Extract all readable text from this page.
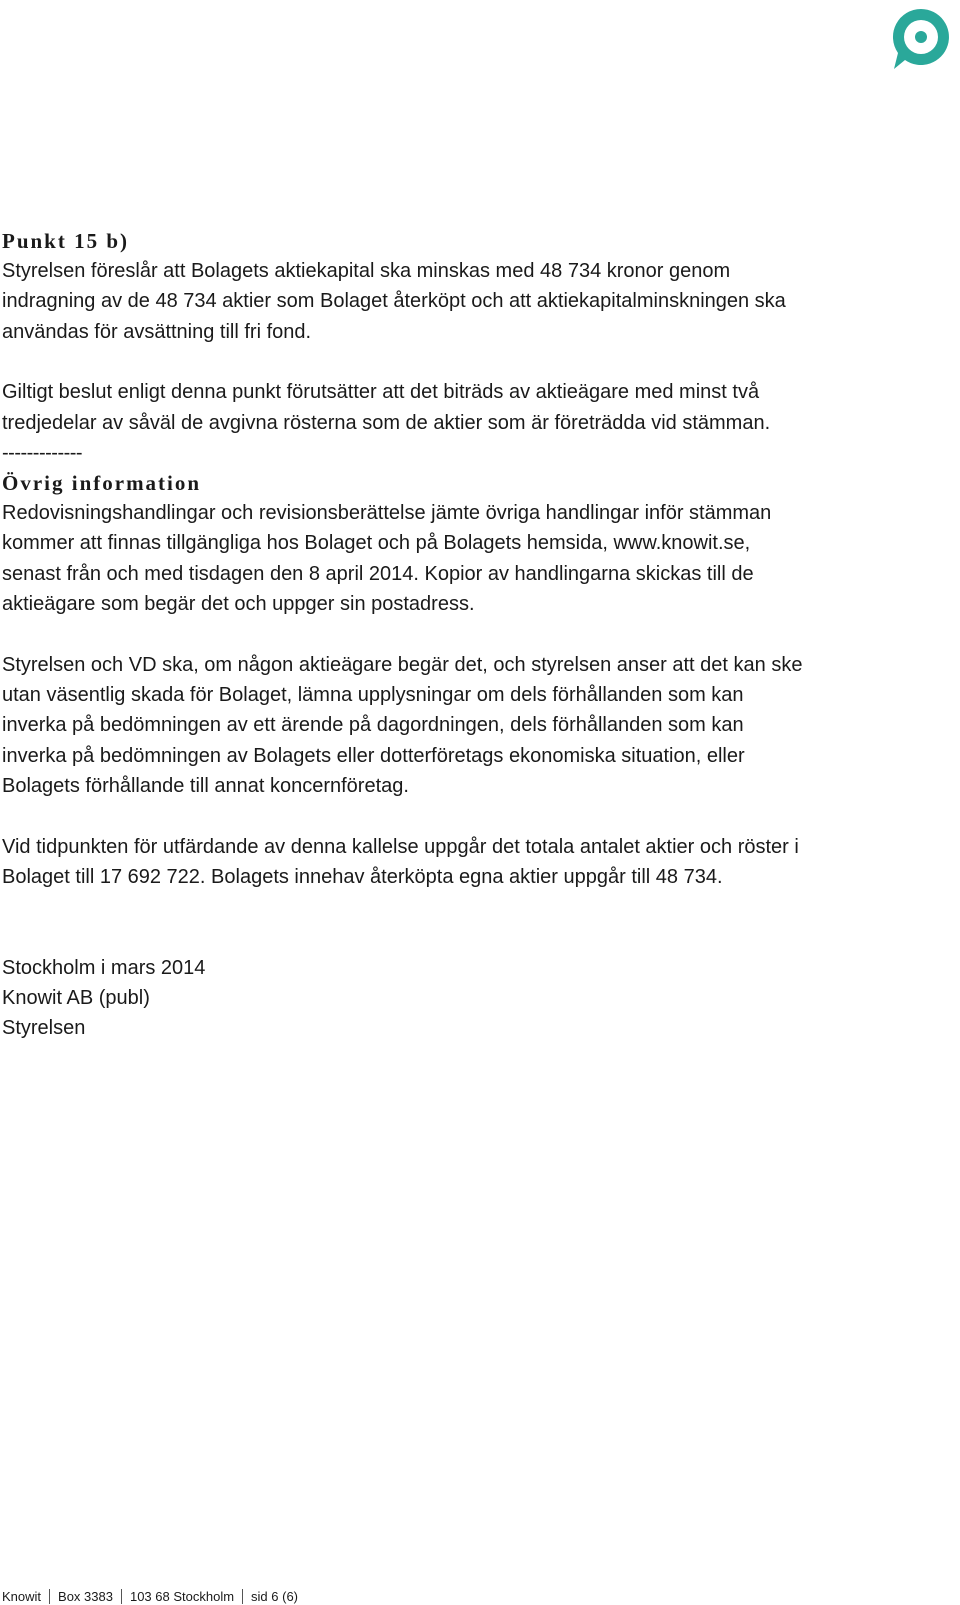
Punkt 15 b)

Styrelsen föreslår att Bolagets aktiekapital ska minskas med 48 734 kronor genom
indragning av de 48 734 aktier som Bolaget återköpt och att aktiekapitalminskningen ska
användas för avsättning till fri fond.

Giltigt beslut enligt denna punkt förutsätter att det biträds av aktieägare med minst två
tredjedelar av såväl de avgivna rösterna som de aktier som är företrädda vid stämman.

-------------

Övrig information

Redovisningshandlingar och revisionsberättelse jämte övriga handlingar inför stämman
kommer att finnas tillgängliga hos Bolaget och på Bolagets hemsida, www.knowit.se,
senast från och med tisdagen den 8 april 2014. Kopior av handlingarna skickas till de
aktieägare som begär det och uppger sin postadress.

Styrelsen och VD ska, om någon aktieägare begär det, och styrelsen anser att det kan ske
utan väsentlig skada för Bolaget, lämna upplysningar om dels förhållanden som kan
inverka på bedömningen av ett ärende på dagordningen, dels förhållanden som kan
inverka på bedömningen av Bolagets eller dotterföretags ekonomiska situation, eller
Bolagets förhållande till annat koncernföretag.

Vid tidpunkten för utfärdande av denna kallelse uppgår det totala antalet aktier och röster i
Bolaget till 17 692 722. Bolagets innehav återköpta egna aktier uppgår till 48 734.

Stockholm i mars 2014
Knowit AB (publ)
Styrelsen

Knowit	Box 3383	103 68 Stockholm	sid 6 (6)
